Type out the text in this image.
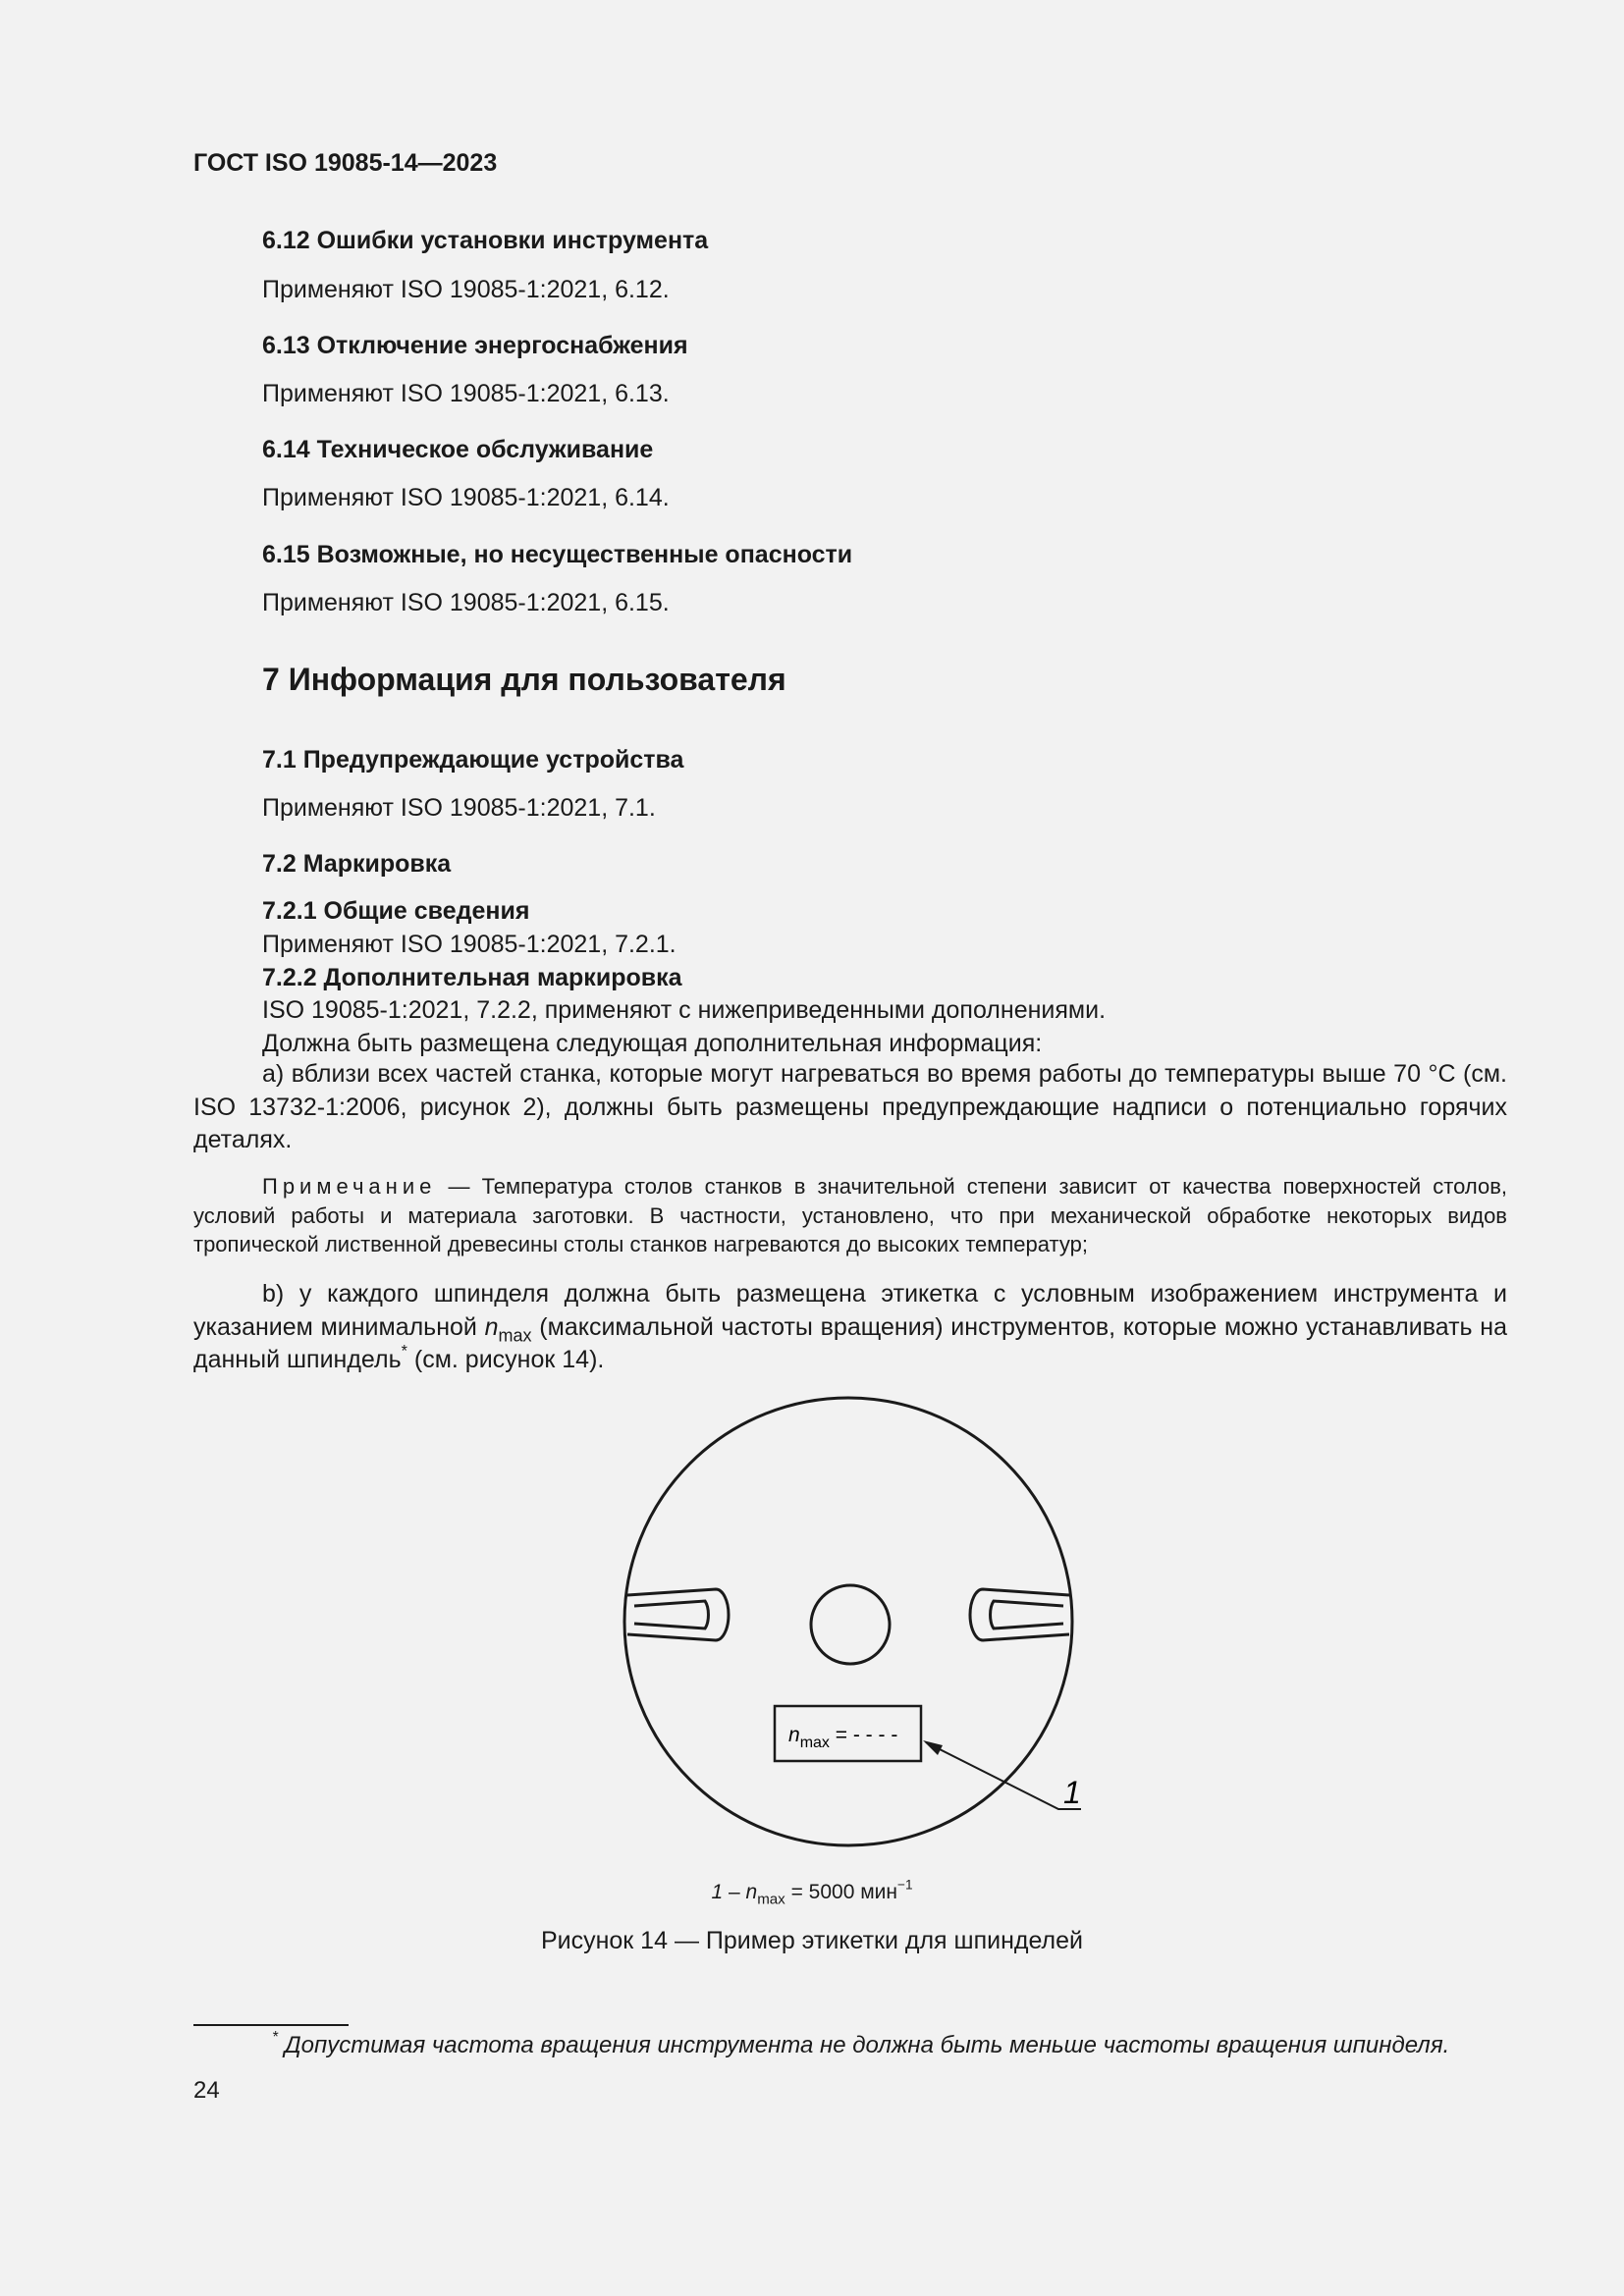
ГОСТ ISO 19085-14—2023
6.12 Ошибки установки инструмента
Применяют ISO 19085-1:2021, 6.12.
6.13 Отключение энергоснабжения
Применяют ISO 19085-1:2021, 6.13.
6.14 Техническое обслуживание
Применяют ISO 19085-1:2021, 6.14.
6.15 Возможные, но несущественные опасности
Применяют ISO 19085-1:2021, 6.15.
7 Информация для пользователя
7.1 Предупреждающие устройства
Применяют ISO 19085-1:2021, 7.1.
7.2 Маркировка
7.2.1 Общие сведения
Применяют ISO 19085-1:2021, 7.2.1.
7.2.2 Дополнительная маркировка
ISO 19085-1:2021, 7.2.2, применяют с нижеприведенными дополнениями.
Должна быть размещена следующая дополнительная информация:
a) вблизи всех частей станка, которые могут нагреваться во время работы до температуры выше 70 °C (см. ISO 13732-1:2006, рисунок 2), должны быть размещены предупреждающие надписи о потенциально горячих деталях.
Примечание — Температура столов станков в значительной степени зависит от качества поверхностей столов, условий работы и материала заготовки. В частности, установлено, что при механической обработке некоторых видов тропической лиственной древесины столы станков нагреваются до высоких температур;
b) у каждого шпинделя должна быть размещена этикетка с условным изображением инструмента и указанием минимальной $n_{max}$ (максимальной частоты вращения) инструментов, которые можно устанавливать на данный шпиндель* (см. рисунок 14).
$n_{max}$ = - - - -
1
$1 - n_{max} = 5000$ мин$^{-1}$
Рисунок 14 — Пример этикетки для шпинделей
* Допустимая частота вращения инструмента не должна быть меньше частоты вращения шпинделя.
24
